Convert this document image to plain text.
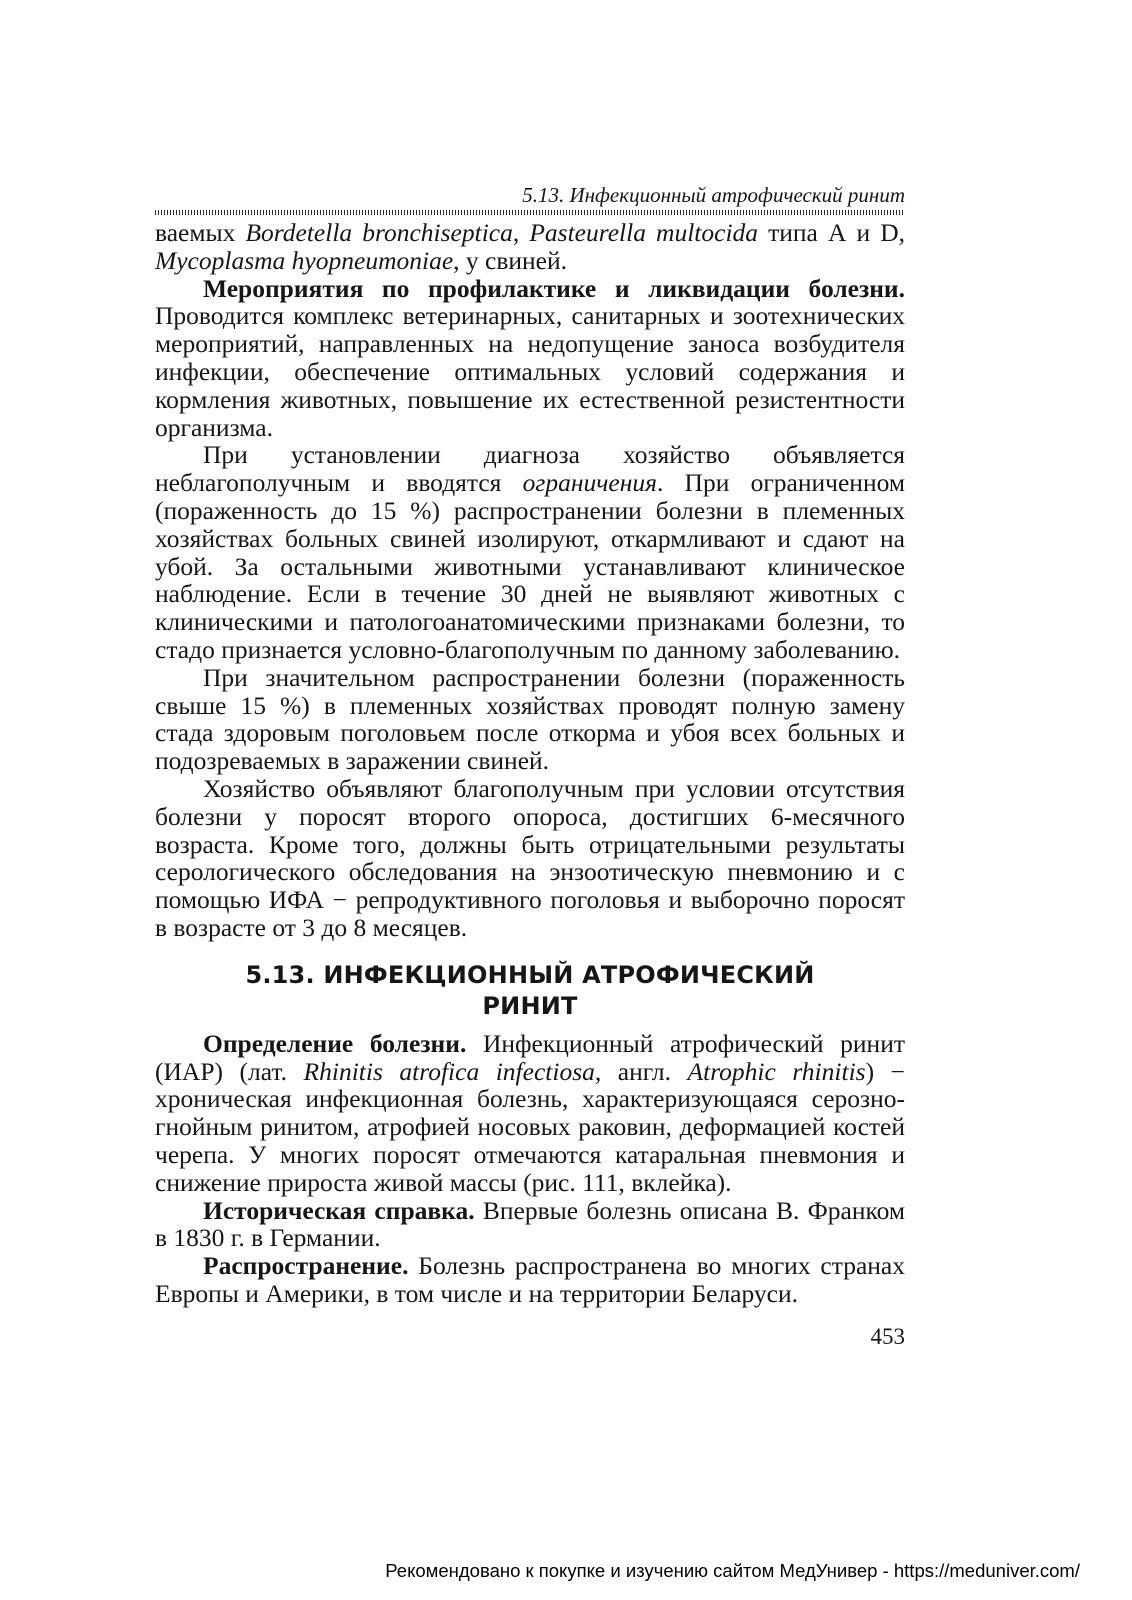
5.13. Инфекционный атрофический ринит

ваемых Bordetella bronchiseptica, Pasteurella multocida типа А и D, Mycoplasma hyopneumoniae, у свиней.

Мероприятия по профилактике и ликвидации болезни. Проводится комплекс ветеринарных, санитарных и зоотехнических мероприятий, направленных на недопущение заноса возбудителя инфекции, обеспечение оптимальных условий содержания и кормления животных, повышение их естественной резистентности организма.

При установлении диагноза хозяйство объявляется неблагополучным и вводятся ограничения. При ограниченном (пораженность до 15 %) распространении болезни в племенных хозяйствах больных свиней изолируют, откармливают и сдают на убой. За остальными животными устанавливают клиническое наблюдение. Если в течение 30 дней не выявляют животных с клиническими и патологоанатомическими признаками болезни, то стадо признается условно-благополучным по данному заболеванию.

При значительном распространении болезни (пораженность свыше 15 %) в племенных хозяйствах проводят полную замену стада здоровым поголовьем после откорма и убоя всех больных и подозреваемых в заражении свиней.

Хозяйство объявляют благополучным при условии отсутствия болезни у поросят второго опороса, достигших 6-месячного возраста. Кроме того, должны быть отрицательными результаты серологического обследования на энзоотическую пневмонию и с помощью ИФА − репродуктивного поголовья и выборочно поросят в возрасте от 3 до 8 месяцев.

5.13. ИНФЕКЦИОННЫЙ АТРОФИЧЕСКИЙ
РИНИТ

Определение болезни. Инфекционный атрофический ринит (ИАР) (лат. Rhinitis atrofica infectiosa, англ. Atrophic rhinitis) − хроническая инфекционная болезнь, характеризующаяся серозно-гнойным ринитом, атрофией носовых раковин, деформацией костей черепа. У многих поросят отмечаются катаральная пневмония и снижение прироста живой массы (рис. 111, вклейка).

Историческая справка. Впервые болезнь описана В. Франком в 1830 г. в Германии.

Распространение. Болезнь распространена во многих странах Европы и Америки, в том числе и на территории Беларуси.

453
Рекомендовано к покупке и изучению сайтом МедУнивер - https://meduniver.com/
